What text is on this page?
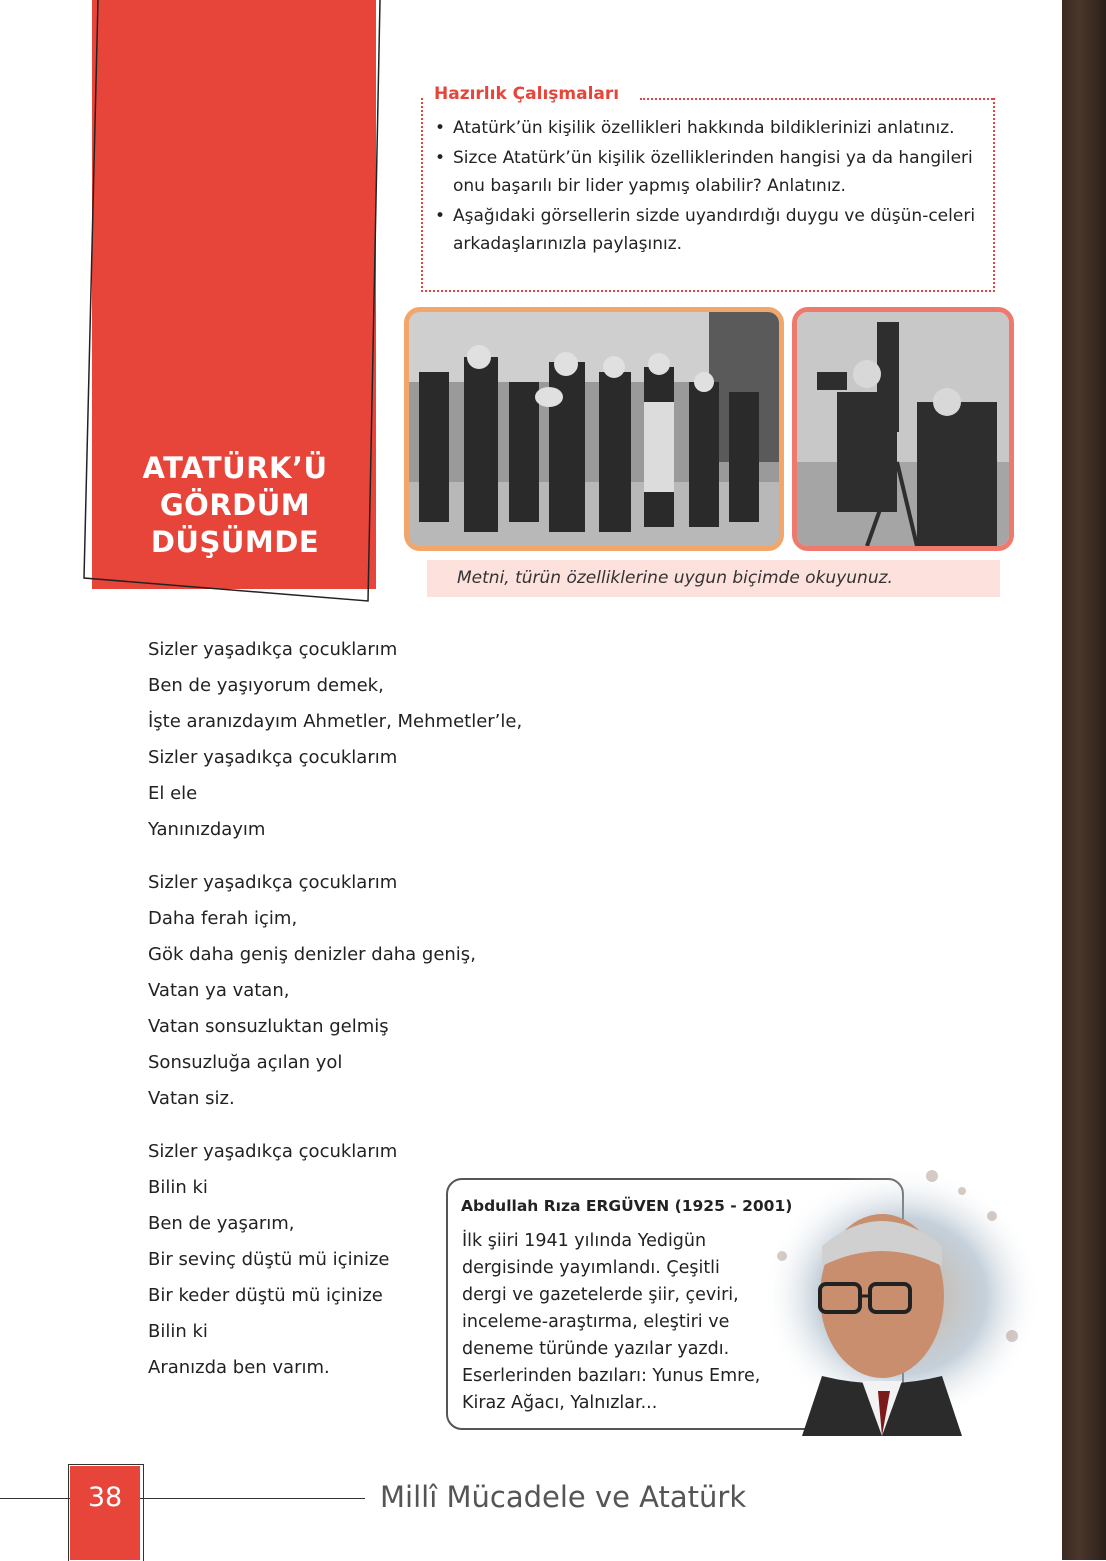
ATATÜRK’Ü
GÖRDÜM
DÜŞÜMDE
• Atatürk’ün kişilik özellikleri hakkında bildiklerinizi anlatınız.
• Sizce Atatürk’ün kişilik özelliklerinden hangisi ya da hangileri onu başarılı bir lider yapmış olabilir? Anlatınız.
• Aşağıdaki görsellerin sizde uyandırdığı duygu ve düşün-celeri arkadaşlarınızla paylaşınız.
Hazırlık Çalışmaları
Metni, türün özelliklerine uygun biçimde okuyunuz.
Sizler yaşadıkça çocuklarım
Ben de yaşıyorum demek,
İşte aranızdayım Ahmetler, Mehmetler’le,
Sizler yaşadıkça çocuklarım
El ele
Yanınızdayım
Sizler yaşadıkça çocuklarım
Daha ferah içim,
Gök daha geniş denizler daha geniş,
Vatan ya vatan,
Vatan sonsuzluktan gelmiş
Sonsuzluğa açılan yol
Vatan siz.
Sizler yaşadıkça çocuklarım
Bilin ki
Ben de yaşarım,
Bir sevinç düştü mü içinize
Bir keder düştü mü içinize
Bilin ki
Aranızda ben varım.
Abdullah Rıza ERGÜVEN (1925 - 2001)
İlk şiiri 1941 yılında Yedigün dergisinde yayımlandı. Çeşitli dergi ve gazetelerde şiir, çeviri, inceleme-araştırma, eleştiri ve deneme türünde yazılar yazdı. Eserlerinden bazıları: Yunus Emre, Kiraz Ağacı, Yalnızlar...
38	Millî Mücadele ve Atatürk
